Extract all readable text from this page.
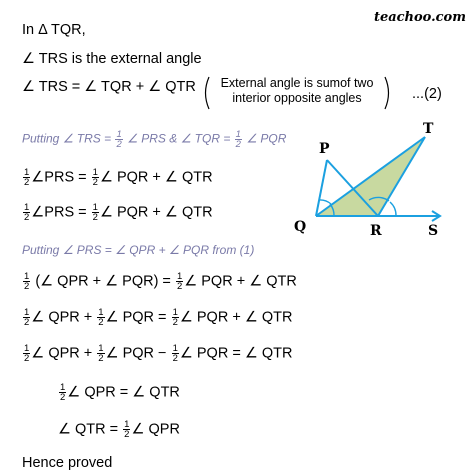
teachoo.com
In Δ TQR,
∠ TRS is the external angle
∠ TRS = ∠ TQR + ∠ QTR	External angle is sumof two
interior opposite angles	...(2)
Putting ∠ TRS = $\frac{1}{2}$ ∠ PRS & ∠ TQR = $\frac{1}{2}$ ∠ PQR
$\frac{1}{2}$ ∠PRS = $\frac{1}{2}$ ∠ PQR + ∠ QTR
$\frac{1}{2}$ ∠PRS = $\frac{1}{2}$ ∠ PQR + ∠ QTR
Putting ∠ PRS = ∠ QPR + ∠ PQR from (1)
$\frac{1}{2}$ (∠ QPR + ∠ $PQR) = \frac{1}{2}$ ∠ PQR + ∠ QTR
$\frac{1}{2}$ ∠ QPR + $\frac{1}{2}$ ∠ PQR = $\frac{1}{2}$ ∠ PQR + ∠ QTR
$\frac{1}{2}$ ∠ QPR + $\frac{1}{2}$ ∠ PQR − $\frac{1}{2}$ ∠ PQR = ∠ QTR
$\frac{1}{2}$ ∠ QPR = ∠ QTR
∠ QTR = $\frac{1}{2}$ ∠ QPR
Hence proved
P
T
Q	R	S
